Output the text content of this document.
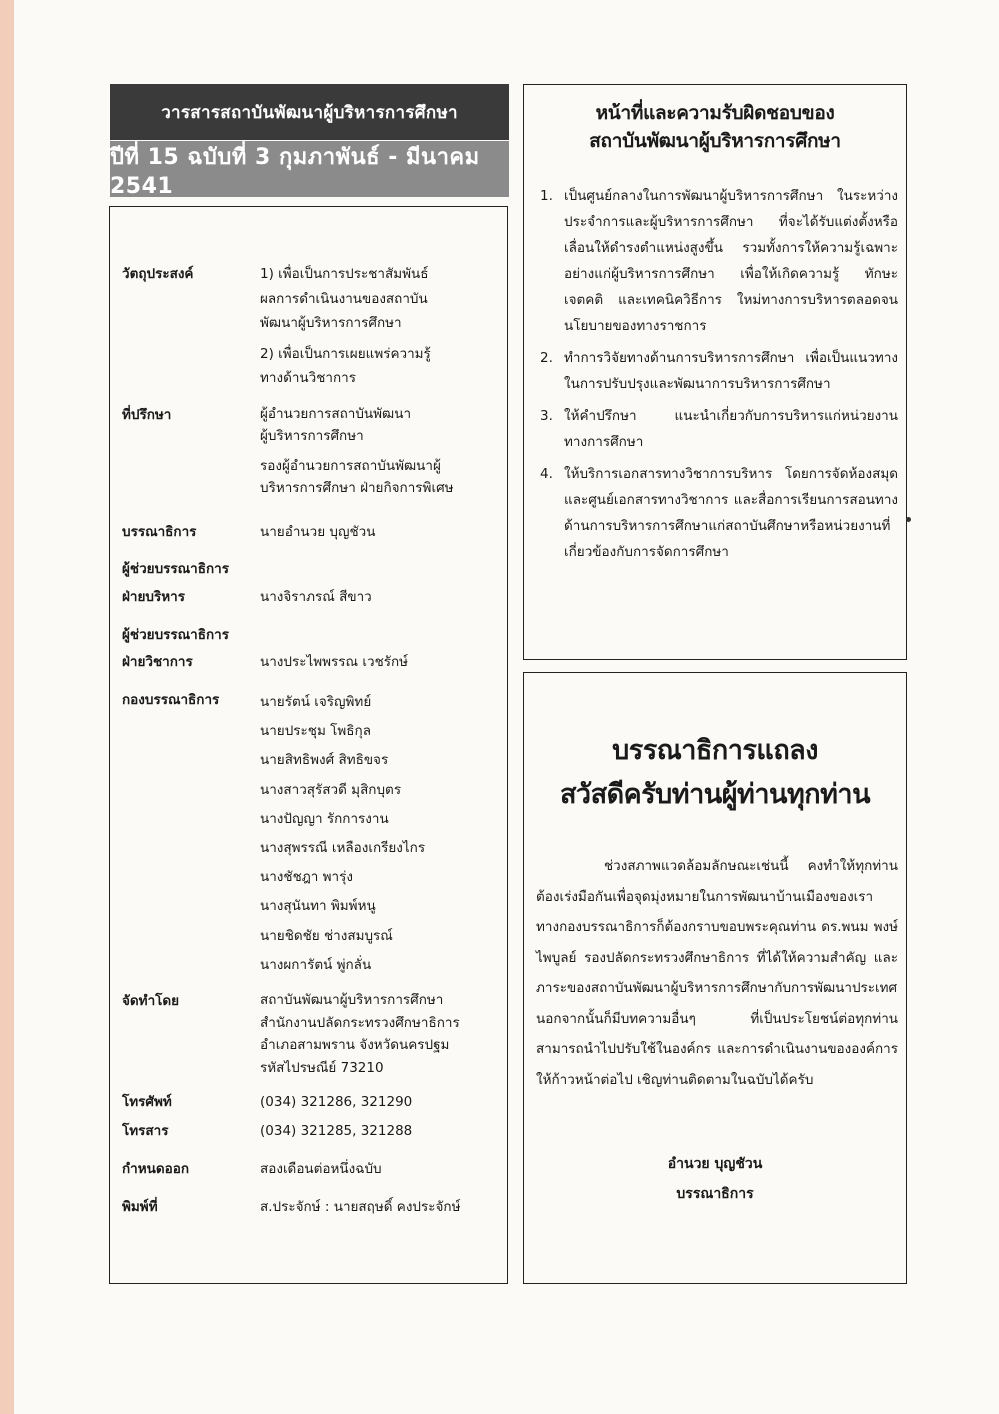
วารสารสถาบันพัฒนาผู้บริหารการศึกษา
ปีที่ 15 ฉบับที่ 3 กุมภาพันธ์ - มีนาคม 2541
วัตถุประสงค์	1) เพื่อเป็นการประชาสัมพันธ์
ผลการดำเนินงานของสถาบัน
พัฒนาผู้บริหารการศึกษา
2) เพื่อเป็นการเผยแพร่ความรู้
ทางด้านวิชาการ
ที่ปรึกษา	ผู้อำนวยการสถาบันพัฒนา
ผู้บริหารการศึกษา
รองผู้อำนวยการสถาบันพัฒนาผู้
บริหารการศึกษา ฝ่ายกิจการพิเศษ
บรรณาธิการ	นายอำนวย บุญชัวน
ผู้ช่วยบรรณาธิการ
ฝ่ายบริหาร	นางจิราภรณ์ สีขาว
ผู้ช่วยบรรณาธิการ
ฝ่ายวิชาการ	นางประไพพรรณ เวชรักษ์
กองบรรณาธิการ	นายรัตน์ เจริญพิทย์
นายประชุม โพธิกุล
นายสิทธิพงศ์ สิทธิขจร
นางสาวสุรัสวดี มุสิกบุตร
นางปัญญา รักการงาน
นางสุพรรณี เหลืองเกรียงไกร
นางชัชฎา พารุ่ง
นางสุนันทา พิมพ์หนู
นายชิดชัย ช่างสมบูรณ์
นางผการัตน์ พู่กลั่น
จัดทำโดย	สถาบันพัฒนาผู้บริหารการศึกษา
สำนักงานปลัดกระทรวงศึกษาธิการ
อำเภอสามพราน จังหวัดนครปฐม
รหัสไปรษณีย์ 73210
โทรศัพท์	(034) 321286, 321290
โทรสาร	(034) 321285, 321288
กำหนดออก	สองเดือนต่อหนึ่งฉบับ
พิมพ์ที่	ส.ประจักษ์ : นายสฤษดิ์ คงประจักษ์
หน้าที่และความรับผิดชอบของ
สถาบันพัฒนาผู้บริหารการศึกษา
1. เป็นศูนย์กลางในการพัฒนาผู้บริหารการศึกษา ในระหว่างประจำการและผู้บริหารการศึกษา ที่จะได้รับแต่งตั้งหรือเลื่อนให้ดำรงตำแหน่งสูงขึ้น รวมทั้งการให้ความรู้เฉพาะอย่างแก่ผู้บริหารการศึกษา เพื่อให้เกิดความรู้ ทักษะ เจตคติ และเทคนิควิธีการ ใหม่ทางการบริหารตลอดจนนโยบายของทางราชการ
2. ทำการวิจัยทางด้านการบริหารการศึกษา เพื่อเป็นแนวทางในการปรับปรุงและพัฒนาการบริหารการศึกษา
3. ให้คำปรึกษา แนะนำเกี่ยวกับการบริหารแก่หน่วยงานทางการศึกษา
4. ให้บริการเอกสารทางวิชาการบริหาร โดยการจัดห้องสมุดและศูนย์เอกสารทางวิชาการ และสื่อการเรียนการสอนทางด้านการบริหารการศึกษาแก่สถาบันศึกษาหรือหน่วยงานที่เกี่ยวข้องกับการจัดการศึกษา
บรรณาธิการแถลง
สวัสดีครับท่านผู้ท่านทุกท่าน
ช่วงสภาพแวดล้อมลักษณะเช่นนี้ คงทำให้ทุกท่านต้องเร่งมือกันเพื่อจุดมุ่งหมายในการพัฒนาบ้านเมืองของเรา ทางกองบรรณาธิการก็ต้องกราบขอบพระคุณท่าน ดร.พนม พงษ์ไพบูลย์ รองปลัดกระทรวงศึกษาธิการ ที่ได้ให้ความสำคัญ และภาระของสถาบันพัฒนาผู้บริหารการศึกษากับการพัฒนาประเทศ นอกจากนั้นก็มีบทความอื่นๆ ที่เป็นประโยชน์ต่อทุกท่าน สามารถนำไปปรับใช้ในองค์กร และการดำเนินงานขององค์การให้ก้าวหน้าต่อไป เชิญท่านติดตามในฉบับได้ครับ
อำนวย บุญชัวน
บรรณาธิการ
